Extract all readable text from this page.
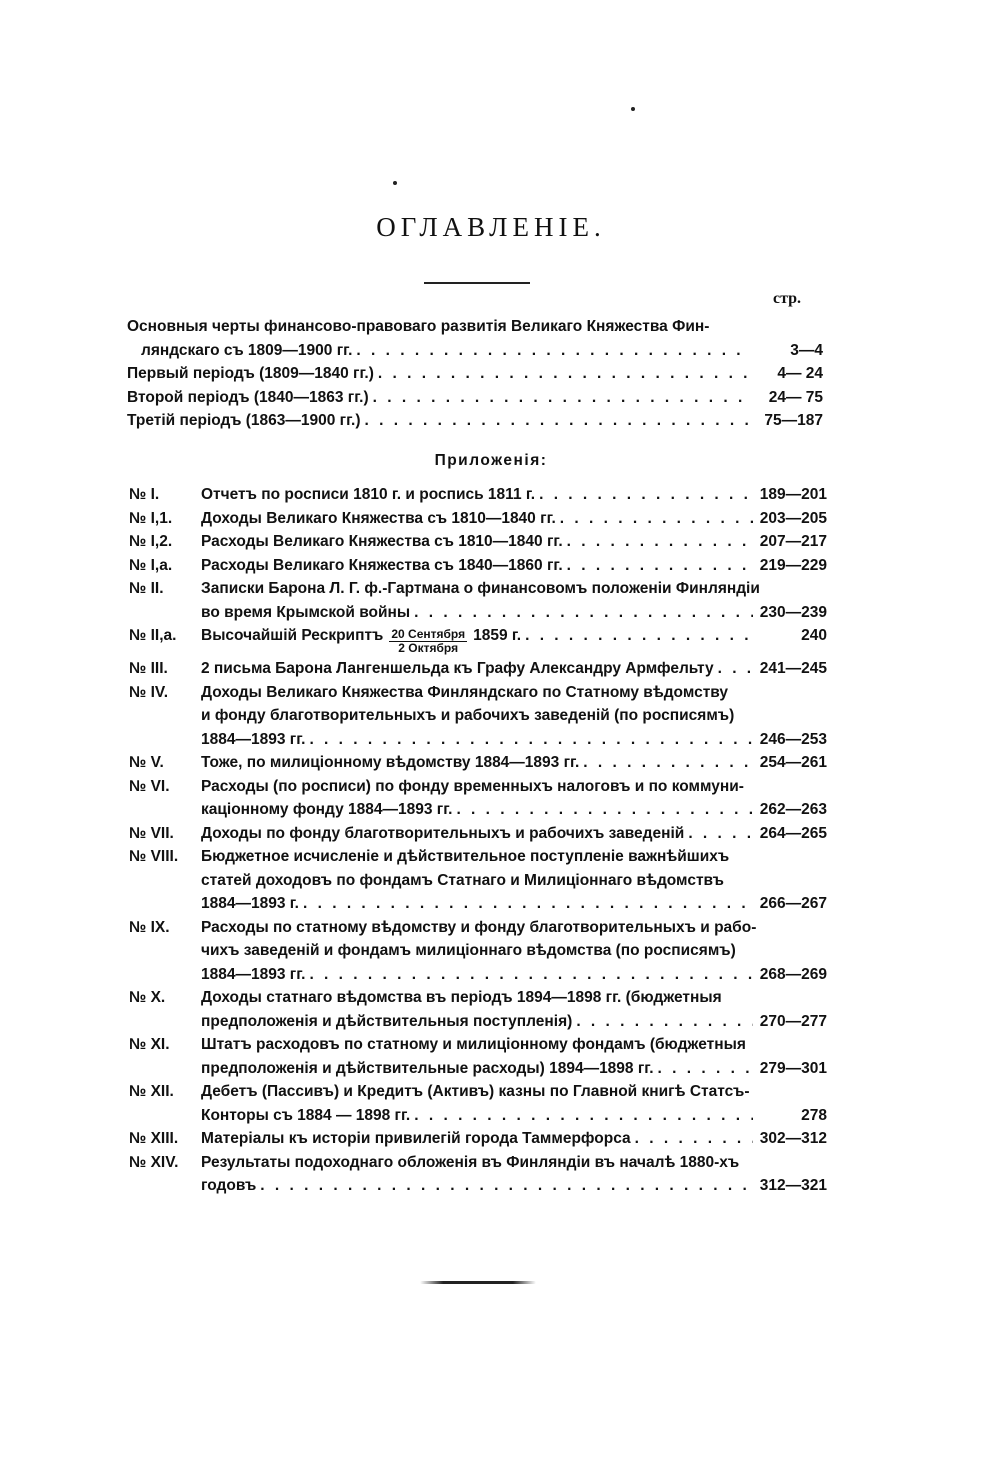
ОГЛАВЛЕНIЕ.
стр.
Основныя черты финансово-правоваго развитiя Великаго Княжества Фин-
ляндскаго съ 1809—1900 гг. . . .	3—4
Первый перiодъ (1809—1840 гг.) . . .	4— 24
Второй перiодъ (1840—1863 гг.) . . .	24— 75
Третiй перiодъ (1863—1900 гг.) . . .	75—187
Приложенiя:
№ I.	Отчетъ по росписи 1810 г. и роспись 1811 г. . . .	189—201
№ I,1.	Доходы Великаго Княжества съ 1810—1840 гг. . . .	203—205
№ I,2.	Расходы Великаго Княжества съ 1810—1840 гг. . . .	207—217
№ I,а.	Расходы Великаго Княжества съ 1840—1860 гг. . . .	219—229
№ II.	Записки Барона Л. Г. ф.-Гартмана о финансовомъ положенiи Финляндiи
во время Крымской войны . . .	230—239
№ II,а.	Высочайшiй Рескриптъ $\frac{\text{20 Сентября}}{\text{2 Октября}} 1859$ г. . . .	240
№ III.	2 письма Барона Лангеншельда къ Графу Александру Армфельту . . .	241—245
№ IV.	Доходы Великаго Княжества Финляндскаго по Статному вѣдомству
и фонду благотворительныхъ и рабочихъ заведенiй (по росписямъ)
1884—1893 гг. . . .	246—253
№ V.	Тоже, по милицiонному вѣдомству 1884—1893 гг. . . .	254—261
№ VI.	Расходы (по росписи) по фонду временныхъ налоговъ и по коммуни-
кацiонному фонду 1884—1893 гг. . . .	262—263
№ VII.	Доходы по фонду благотворительныхъ и рабочихъ заведенiй . . .	264—265
№ VIII.	Бюджетное исчисленiе и дѣйствительное поступленiе важнѣйшихъ
статей доходовъ по фондамъ Статнаго и Милицiоннаго вѣдомствъ
1884—1893 г. . . .	266—267
№ IX.	Расходы по статному вѣдомству и фонду благотворительныхъ и рабо-
чихъ заведенiй и фондамъ милицiоннаго вѣдомства (по росписямъ)
1884—1893 гг. . . .	268—269
№ X.	Доходы статнаго вѣдомства въ перiодъ 1894—1898 гг. (бюджетныя
предположенiя и дѣйствительныя поступленiя) . . .	270—277
№ XI.	Штатъ расходовъ по статному и милицiонному фондамъ (бюджетныя
предположенiя и дѣйствительные расходы) 1894—1898 гг. . . .	279—301
№ XII.	Дебетъ (Пассивъ) и Кредитъ (Активъ) казны по Главной книгѣ Статсъ-
Конторы съ 1884 — 1898 гг. . . .	278
№ XIII.	Матерiалы къ исторiи привилегiй города Таммерфорса . . .	302—312
№ XIV.	Результаты подоходнаго обложенiя въ Финляндiи въ началѣ 1880-хъ
годовъ . . .	312—321
